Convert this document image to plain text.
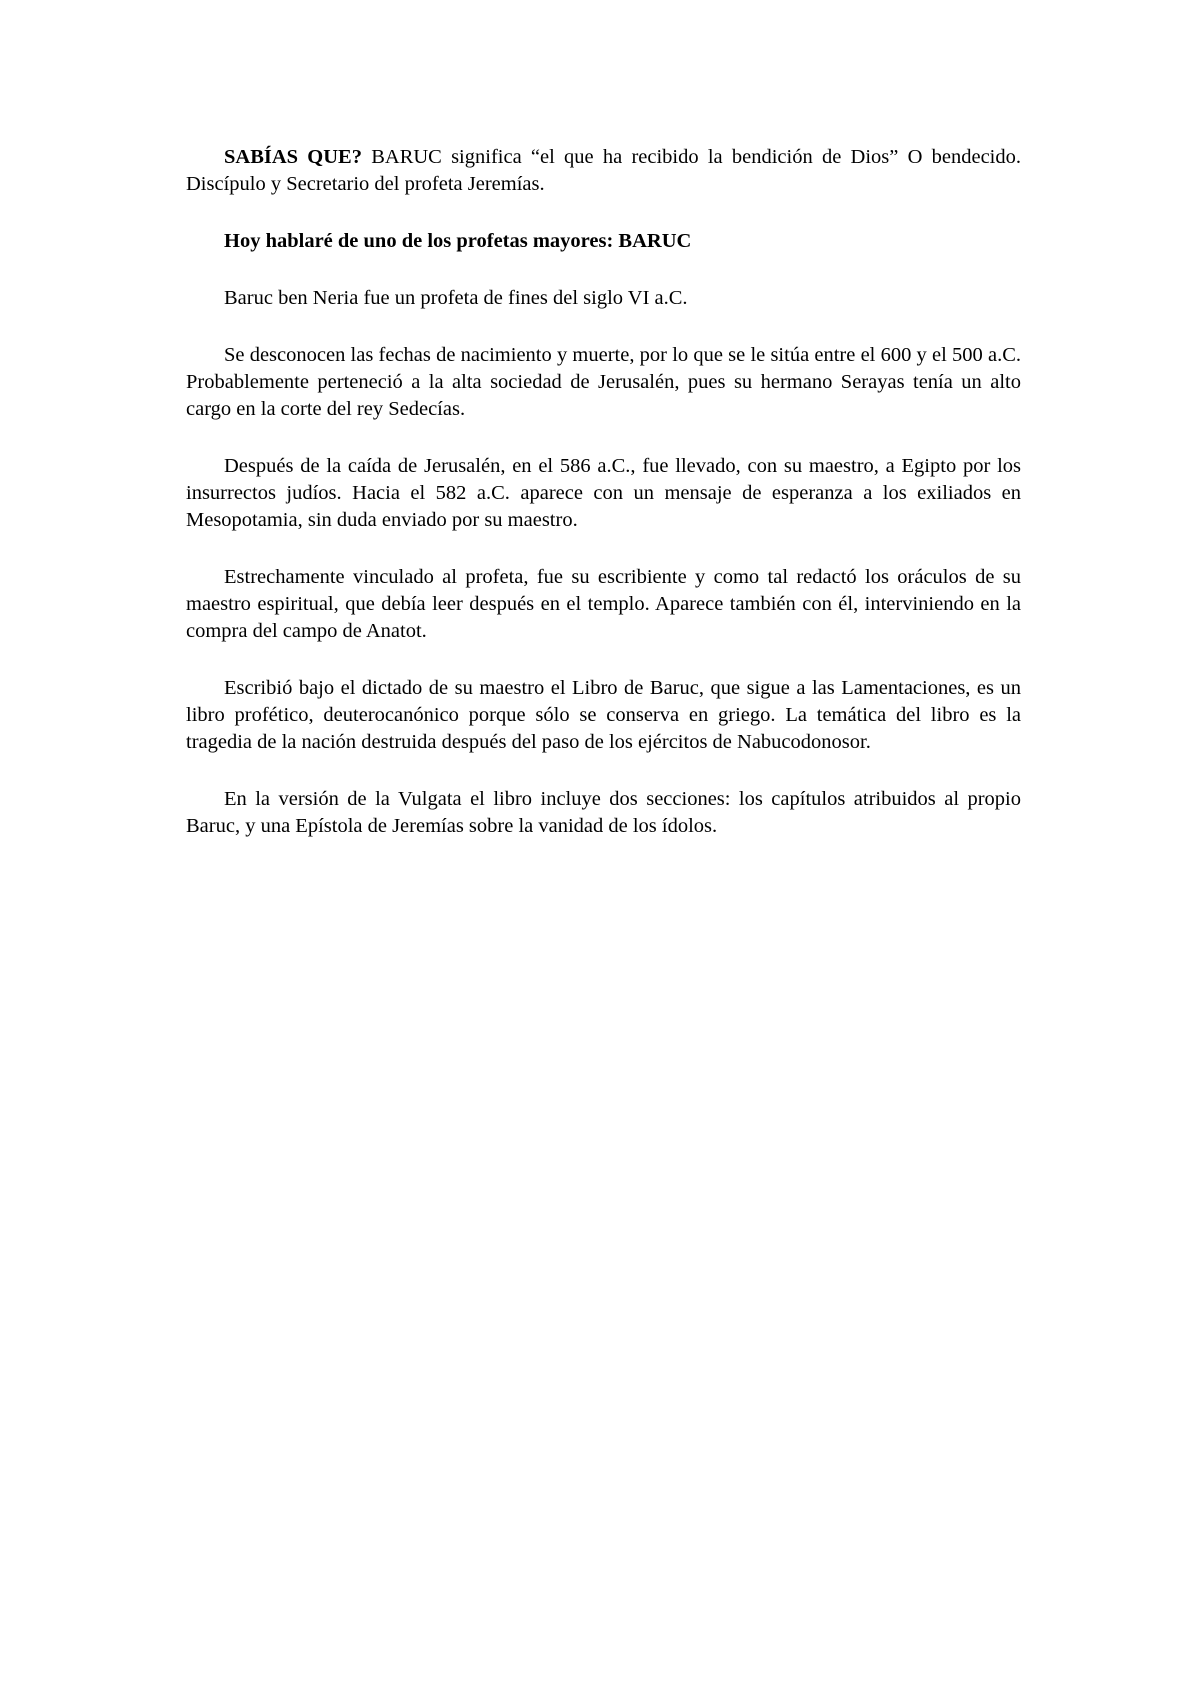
SABÍAS QUE? BARUC significa “el que ha recibido la bendición de Dios” O bendecido. Discípulo y Secretario del profeta Jeremías.

Hoy hablaré de uno de los profetas mayores: BARUC

Baruc ben Neria fue un profeta de fines del siglo VI a.C.

Se desconocen las fechas de nacimiento y muerte, por lo que se le sitúa entre el 600 y el 500 a.C. Probablemente perteneció a la alta sociedad de Jerusalén, pues su hermano Serayas tenía un alto cargo en la corte del rey Sedecías.

Después de la caída de Jerusalén, en el 586 a.C., fue llevado, con su maestro, a Egipto por los insurrectos judíos. Hacia el 582 a.C. aparece con un mensaje de esperanza a los exiliados en Mesopotamia, sin duda enviado por su maestro.

Estrechamente vinculado al profeta, fue su escribiente y como tal redactó los oráculos de su maestro espiritual, que debía leer después en el templo. Aparece también con él, interviniendo en la compra del campo de Anatot.

Escribió bajo el dictado de su maestro el Libro de Baruc, que sigue a las Lamentaciones, es un libro profético, deuterocanónico porque sólo se conserva en griego. La temática del libro es la tragedia de la nación destruida después del paso de los ejércitos de Nabucodonosor.

En la versión de la Vulgata el libro incluye dos secciones: los capítulos atribuidos al propio Baruc, y una Epístola de Jeremías sobre la vanidad de los ídolos.
